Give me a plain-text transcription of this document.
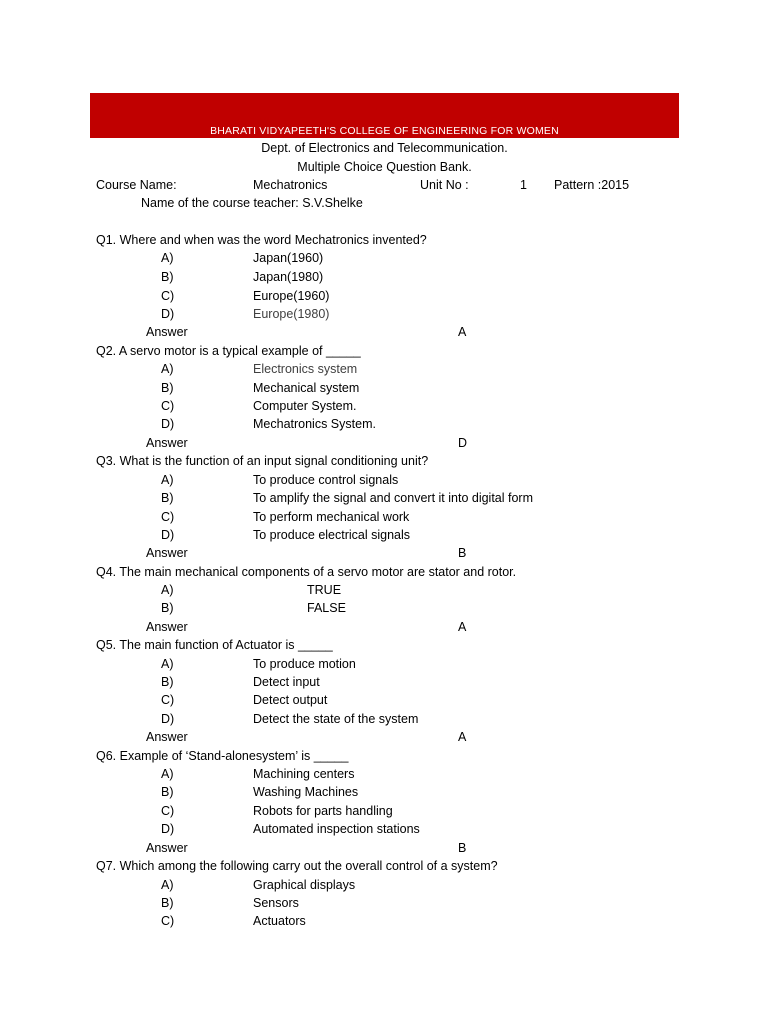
BHARATI VIDYAPEETH'S COLLEGE OF ENGINEERING FOR WOMEN
Dept. of Electronics and Telecommunication.
Multiple Choice Question Bank.
Course Name:	Mechatronics	Unit No :	1 Pattern :2015
Name of the course teacher: S.V.Shelke
Q1. Where and when was the word Mechatronics invented?
A)	Japan(1960)
B)	Japan(1980)
C)	Europe(1960)
D)	Europe(1980)
Answer	A
Q2. A servo motor is a typical example of _____
A)	Electronics system
B)	Mechanical system
C)	Computer System.
D)	Mechatronics System.
Answer	D
Q3. What is the function of an input signal conditioning unit?
A)	To produce control signals
B)	To amplify the signal and convert it into digital form
C)	To perform mechanical work
D)	To produce electrical signals
Answer	B
Q4. The main mechanical components of a servo motor are stator and rotor.
A)	TRUE
B)	FALSE
Answer	A
Q5. The main function of Actuator is _____
A)	To produce motion
B)	Detect input
C)	Detect output
D)	Detect the state of the system
Answer	A
Q6. Example of ‘Stand-alonesystem’ is _____
A)	Machining centers
B)	Washing Machines
C)	Robots for parts handling
D)	Automated inspection stations
Answer	B
Q7. Which among the following carry out the overall control of a system?
A)	Graphical displays
B)	Sensors
C)	Actuators
